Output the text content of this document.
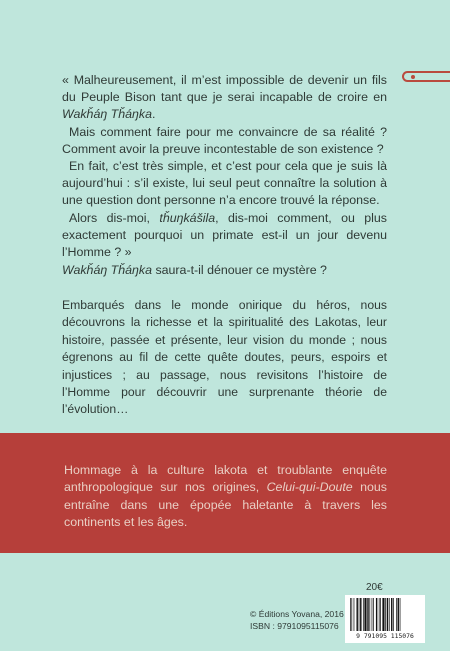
« Malheureusement, il m’est impossible de devenir un fils du Peuple Bison tant que je serai incapable de croire en Wakȟáŋ Tȟáŋka.

Mais comment faire pour me convaincre de sa réalité ? Comment avoir la preuve incontestable de son existence ?

En fait, c’est très simple, et c’est pour cela que je suis là aujourd’hui : s’il existe, lui seul peut connaître la solution à une question dont personne n’a encore trouvé la réponse.

Alors dis-moi, tȟuŋkášila, dis-moi comment, ou plus exactement pourquoi un primate est-il un jour devenu l’Homme ? »

Wakȟáŋ Tȟáŋka saura-t-il dénouer ce mystère ?

Embarqués dans le monde onirique du héros, nous découvrons la richesse et la spiritualité des Lakotas, leur histoire, passée et présente, leur vision du monde ; nous égrenons au fil de cette quête doutes, peurs, espoirs et injustices ; au passage, nous revisitons l’histoire de l’Homme pour découvrir une surprenante théorie de l’évolution…

Hommage à la culture lakota et troublante enquête anthropologique sur nos origines, Celui-qui-Doute nous entraîne dans une épopée haletante à travers les continents et les âges.

20€
© Éditions Yovana, 2016
ISBN : 9791095115076
9 791095 115076
